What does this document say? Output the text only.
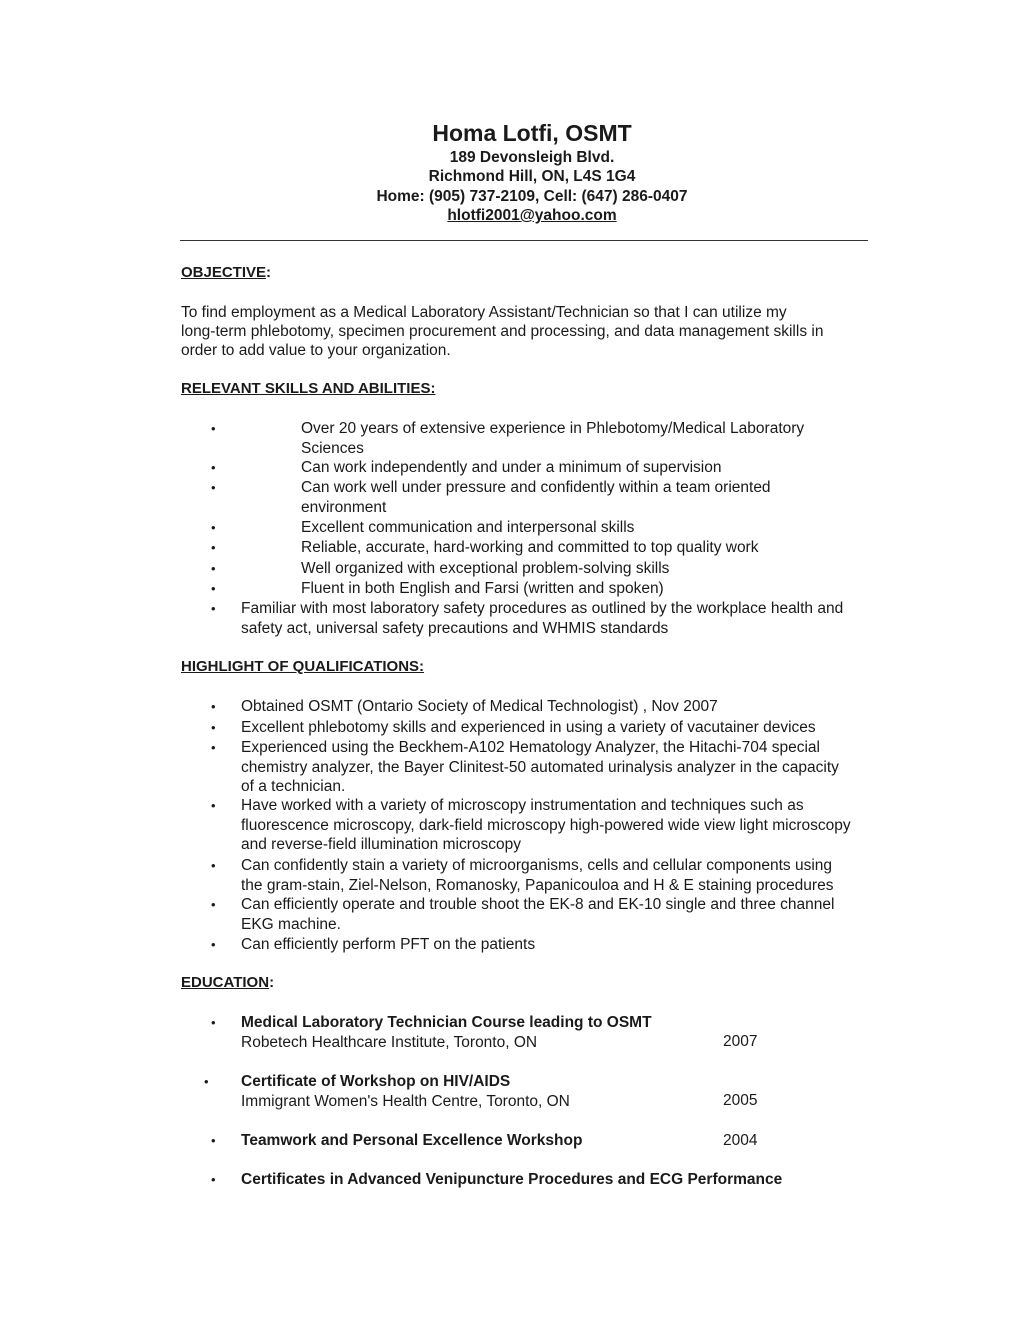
Homa Lotfi, OSMT
189 Devonsleigh Blvd.
Richmond Hill, ON, L4S 1G4
Home: (905) 737-2109, Cell: (647) 286-0407
hlotfi2001@yahoo.com
OBJECTIVE:
To find employment as a Medical Laboratory Assistant/Technician so that I can utilize my
long-term phlebotomy, specimen procurement and processing, and data management skills in
order to add value to your organization.
RELEVANT SKILLS AND ABILITIES:
•	Over 20 years of extensive experience in Phlebotomy/Medical Laboratory
Sciences
•	Can work independently and under a minimum of supervision
•	Can work well under pressure and confidently within a team oriented
environment
•	Excellent communication and interpersonal skills
•	Reliable, accurate, hard-working and committed to top quality work
•	Well organized with exceptional problem-solving skills
•	Fluent in both English and Farsi (written and spoken)
•	Familiar with most laboratory safety procedures as outlined by the workplace health and
safety act, universal safety precautions and WHMIS standards
HIGHLIGHT OF QUALIFICATIONS:
•	Obtained OSMT (Ontario Society of Medical Technologist) , Nov 2007
•	Excellent phlebotomy skills and experienced in using a variety of vacutainer devices
•	Experienced using the Beckhem-A102 Hematology Analyzer, the Hitachi-704 special
chemistry analyzer, the Bayer Clinitest-50 automated urinalysis analyzer in the capacity
of a technician.
•	Have worked with a variety of microscopy instrumentation and techniques such as
fluorescence microscopy, dark-field microscopy high-powered wide view light microscopy
and reverse-field illumination microscopy
•	Can confidently stain a variety of microorganisms, cells and cellular components using
the gram-stain, Ziel-Nelson, Romanosky, Papanicouloa and H & E staining procedures
•	Can efficiently operate and trouble shoot the EK-8 and EK-10 single and three channel
EKG machine.
•	Can efficiently perform PFT on the patients
EDUCATION:
•	Medical Laboratory Technician Course leading to OSMT
Robetech Healthcare Institute, Toronto, ON	2007
•	Certificate of Workshop on HIV/AIDS
Immigrant Women's Health Centre, Toronto, ON	2005
•	Teamwork and Personal Excellence Workshop	2004
•	Certificates in Advanced Venipuncture Procedures and ECG Performance
